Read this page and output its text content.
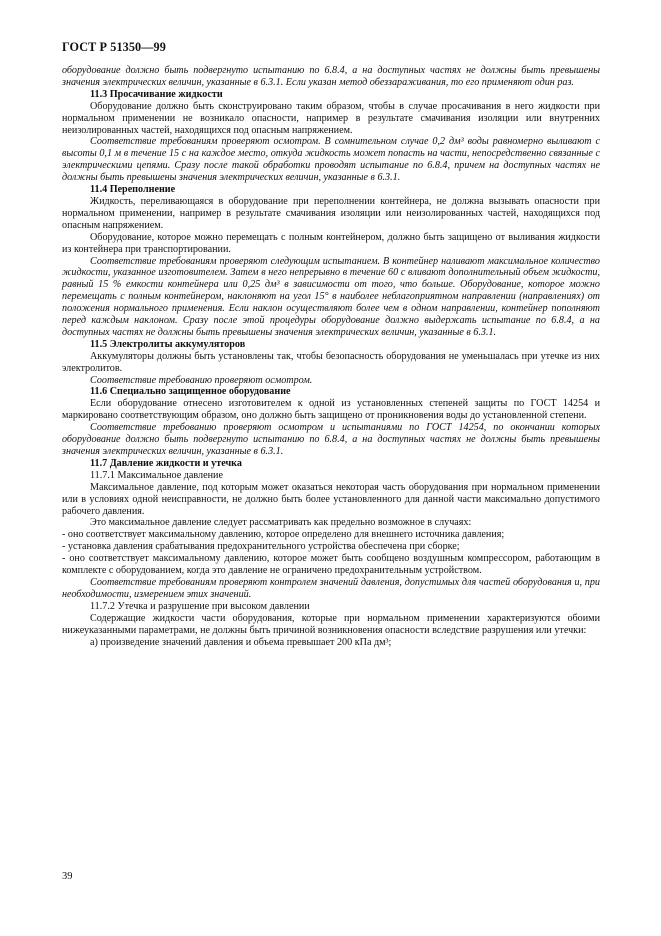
ГОСТ Р 51350—99
оборудование должно быть подвергнуто испытанию по 6.8.4, а на доступных частях не должны быть превышены значения электрических величин, указанные в 6.3.1. Если указан метод обеззараживания, то его применяют один раз.
11.3 Просачивание жидкости
Оборудование должно быть сконструировано таким образом, чтобы в случае просачивания в него жидкости при нормальном применении не возникало опасности, например в результате смачивания изоляции или внутренних неизолированных частей, находящихся под опасным напряжением.
Соответствие требованиям проверяют осмотром. В сомнительном случае 0,2 дм³ воды равномерно выливают с высоты 0,1 м в течение 15 с на каждое место, откуда жидкость может попасть на части, непосредственно связанные с электрическими цепями. Сразу после такой обработки проводят испытание по 6.8.4, причем на доступных частях не должны быть превышены значения электрических величин, указанные в 6.3.1.
11.4 Переполнение
Жидкость, переливающаяся в оборудование при переполнении контейнера, не должна вызывать опасности при нормальном применении, например в результате смачивания изоляции или неизолированных частей, находящихся под опасным напряжением.
Оборудование, которое можно перемещать с полным контейнером, должно быть защищено от выливания жидкости из контейнера при транспортировании.
Соответствие требованиям проверяют следующим испытанием. В контейнер наливают максимальное количество жидкости, указанное изготовителем. Затем в него непрерывно в течение 60 с вливают дополнительный объем жидкости, равный 15 % емкости контейнера или 0,25 дм³ в зависимости от того, что больше. Оборудование, которое можно перемещать с полным контейнером, наклоняют на угол 15° в наиболее неблагоприятном направлении (направлениях) от положения нормального применения. Если наклон осуществляют более чем в одном направлении, контейнер пополняют перед каждым наклоном. Сразу после этой процедуры оборудование должно выдержать испытание по 6.8.4, а на доступных частях не должны быть превышены значения электрических величин, указанные в 6.3.1.
11.5 Электролиты аккумуляторов
Аккумуляторы должны быть установлены так, чтобы безопасность оборудования не уменьшалась при утечке из них электролитов.
Соответствие требованию проверяют осмотром.
11.6 Специально защищенное оборудование
Если оборудование отнесено изготовителем к одной из установленных степеней защиты по ГОСТ 14254 и маркировано соответствующим образом, оно должно быть защищено от проникновения воды до установленной степени.
Соответствие требованию проверяют осмотром и испытаниями по ГОСТ 14254, по окончании которых оборудование должно быть подвергнуто испытанию по 6.8.4, а на доступных частях не должны быть превышены значения электрических величин, указанные в 6.3.1.
11.7 Давление жидкости и утечка
11.7.1 Максимальное давление
Максимальное давление, под которым может оказаться некоторая часть оборудования при нормальном применении или в условиях одной неисправности, не должно быть более установленного для данной части максимально допустимого рабочего давления.
Это максимальное давление следует рассматривать как предельно возможное в случаях:
- оно соответствует максимальному давлению, которое определено для внешнего источника давления;
- установка давления срабатывания предохранительного устройства обеспечена при сборке;
- оно соответствует максимальному давлению, которое может быть сообщено воздушным компрессором, работающим в комплекте с оборудованием, когда это давление не ограничено предохранительным устройством.
Соответствие требованиям проверяют контролем значений давления, допустимых для частей оборудования и, при необходимости, измерением этих значений.
11.7.2 Утечка и разрушение при высоком давлении
Содержащие жидкости части оборудования, которые при нормальном применении характеризуются обоими нижеуказанными параметрами, не должны быть причиной возникновения опасности вследствие разрушения или утечки:
а) произведение значений давления и объема превышает 200 кПа дм³;
39
